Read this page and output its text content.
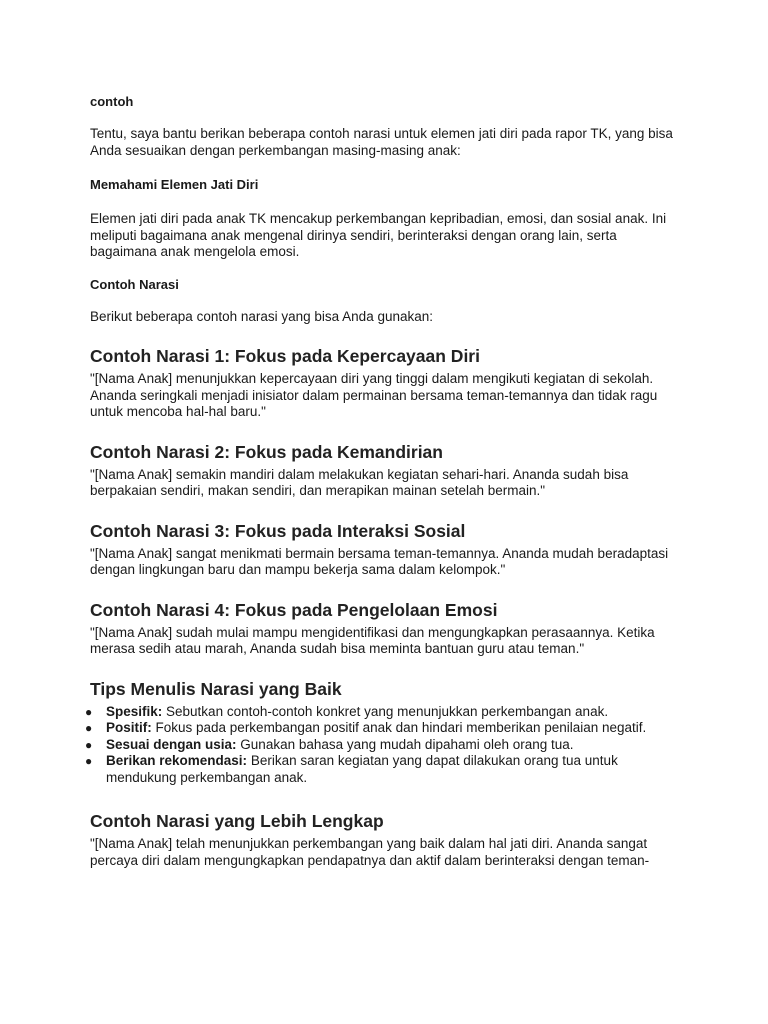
contoh

Tentu, saya bantu berikan beberapa contoh narasi untuk elemen jati diri pada rapor TK, yang bisa Anda sesuaikan dengan perkembangan masing-masing anak:

Memahami Elemen Jati Diri

Elemen jati diri pada anak TK mencakup perkembangan kepribadian, emosi, dan sosial anak. Ini meliputi bagaimana anak mengenal dirinya sendiri, berinteraksi dengan orang lain, serta bagaimana anak mengelola emosi.

Contoh Narasi

Berikut beberapa contoh narasi yang bisa Anda gunakan:

Contoh Narasi 1: Fokus pada Kepercayaan Diri

"[Nama Anak] menunjukkan kepercayaan diri yang tinggi dalam mengikuti kegiatan di sekolah. Ananda seringkali menjadi inisiator dalam permainan bersama teman-temannya dan tidak ragu untuk mencoba hal-hal baru."

Contoh Narasi 2: Fokus pada Kemandirian

"[Nama Anak] semakin mandiri dalam melakukan kegiatan sehari-hari. Ananda sudah bisa berpakaian sendiri, makan sendiri, dan merapikan mainan setelah bermain."

Contoh Narasi 3: Fokus pada Interaksi Sosial

"[Nama Anak] sangat menikmati bermain bersama teman-temannya. Ananda mudah beradaptasi dengan lingkungan baru dan mampu bekerja sama dalam kelompok."

Contoh Narasi 4: Fokus pada Pengelolaan Emosi

"[Nama Anak] sudah mulai mampu mengidentifikasi dan mengungkapkan perasaannya. Ketika merasa sedih atau marah, Ananda sudah bisa meminta bantuan guru atau teman."

Tips Menulis Narasi yang Baik
● Spesifik: Sebutkan contoh-contoh konkret yang menunjukkan perkembangan anak.
● Positif: Fokus pada perkembangan positif anak dan hindari memberikan penilaian negatif.
● Sesuai dengan usia: Gunakan bahasa yang mudah dipahami oleh orang tua.
● Berikan rekomendasi: Berikan saran kegiatan yang dapat dilakukan orang tua untuk mendukung perkembangan anak.
Contoh Narasi yang Lebih Lengkap

"[Nama Anak] telah menunjukkan perkembangan yang baik dalam hal jati diri. Ananda sangat percaya diri dalam mengungkapkan pendapatnya dan aktif dalam berinteraksi dengan teman-
